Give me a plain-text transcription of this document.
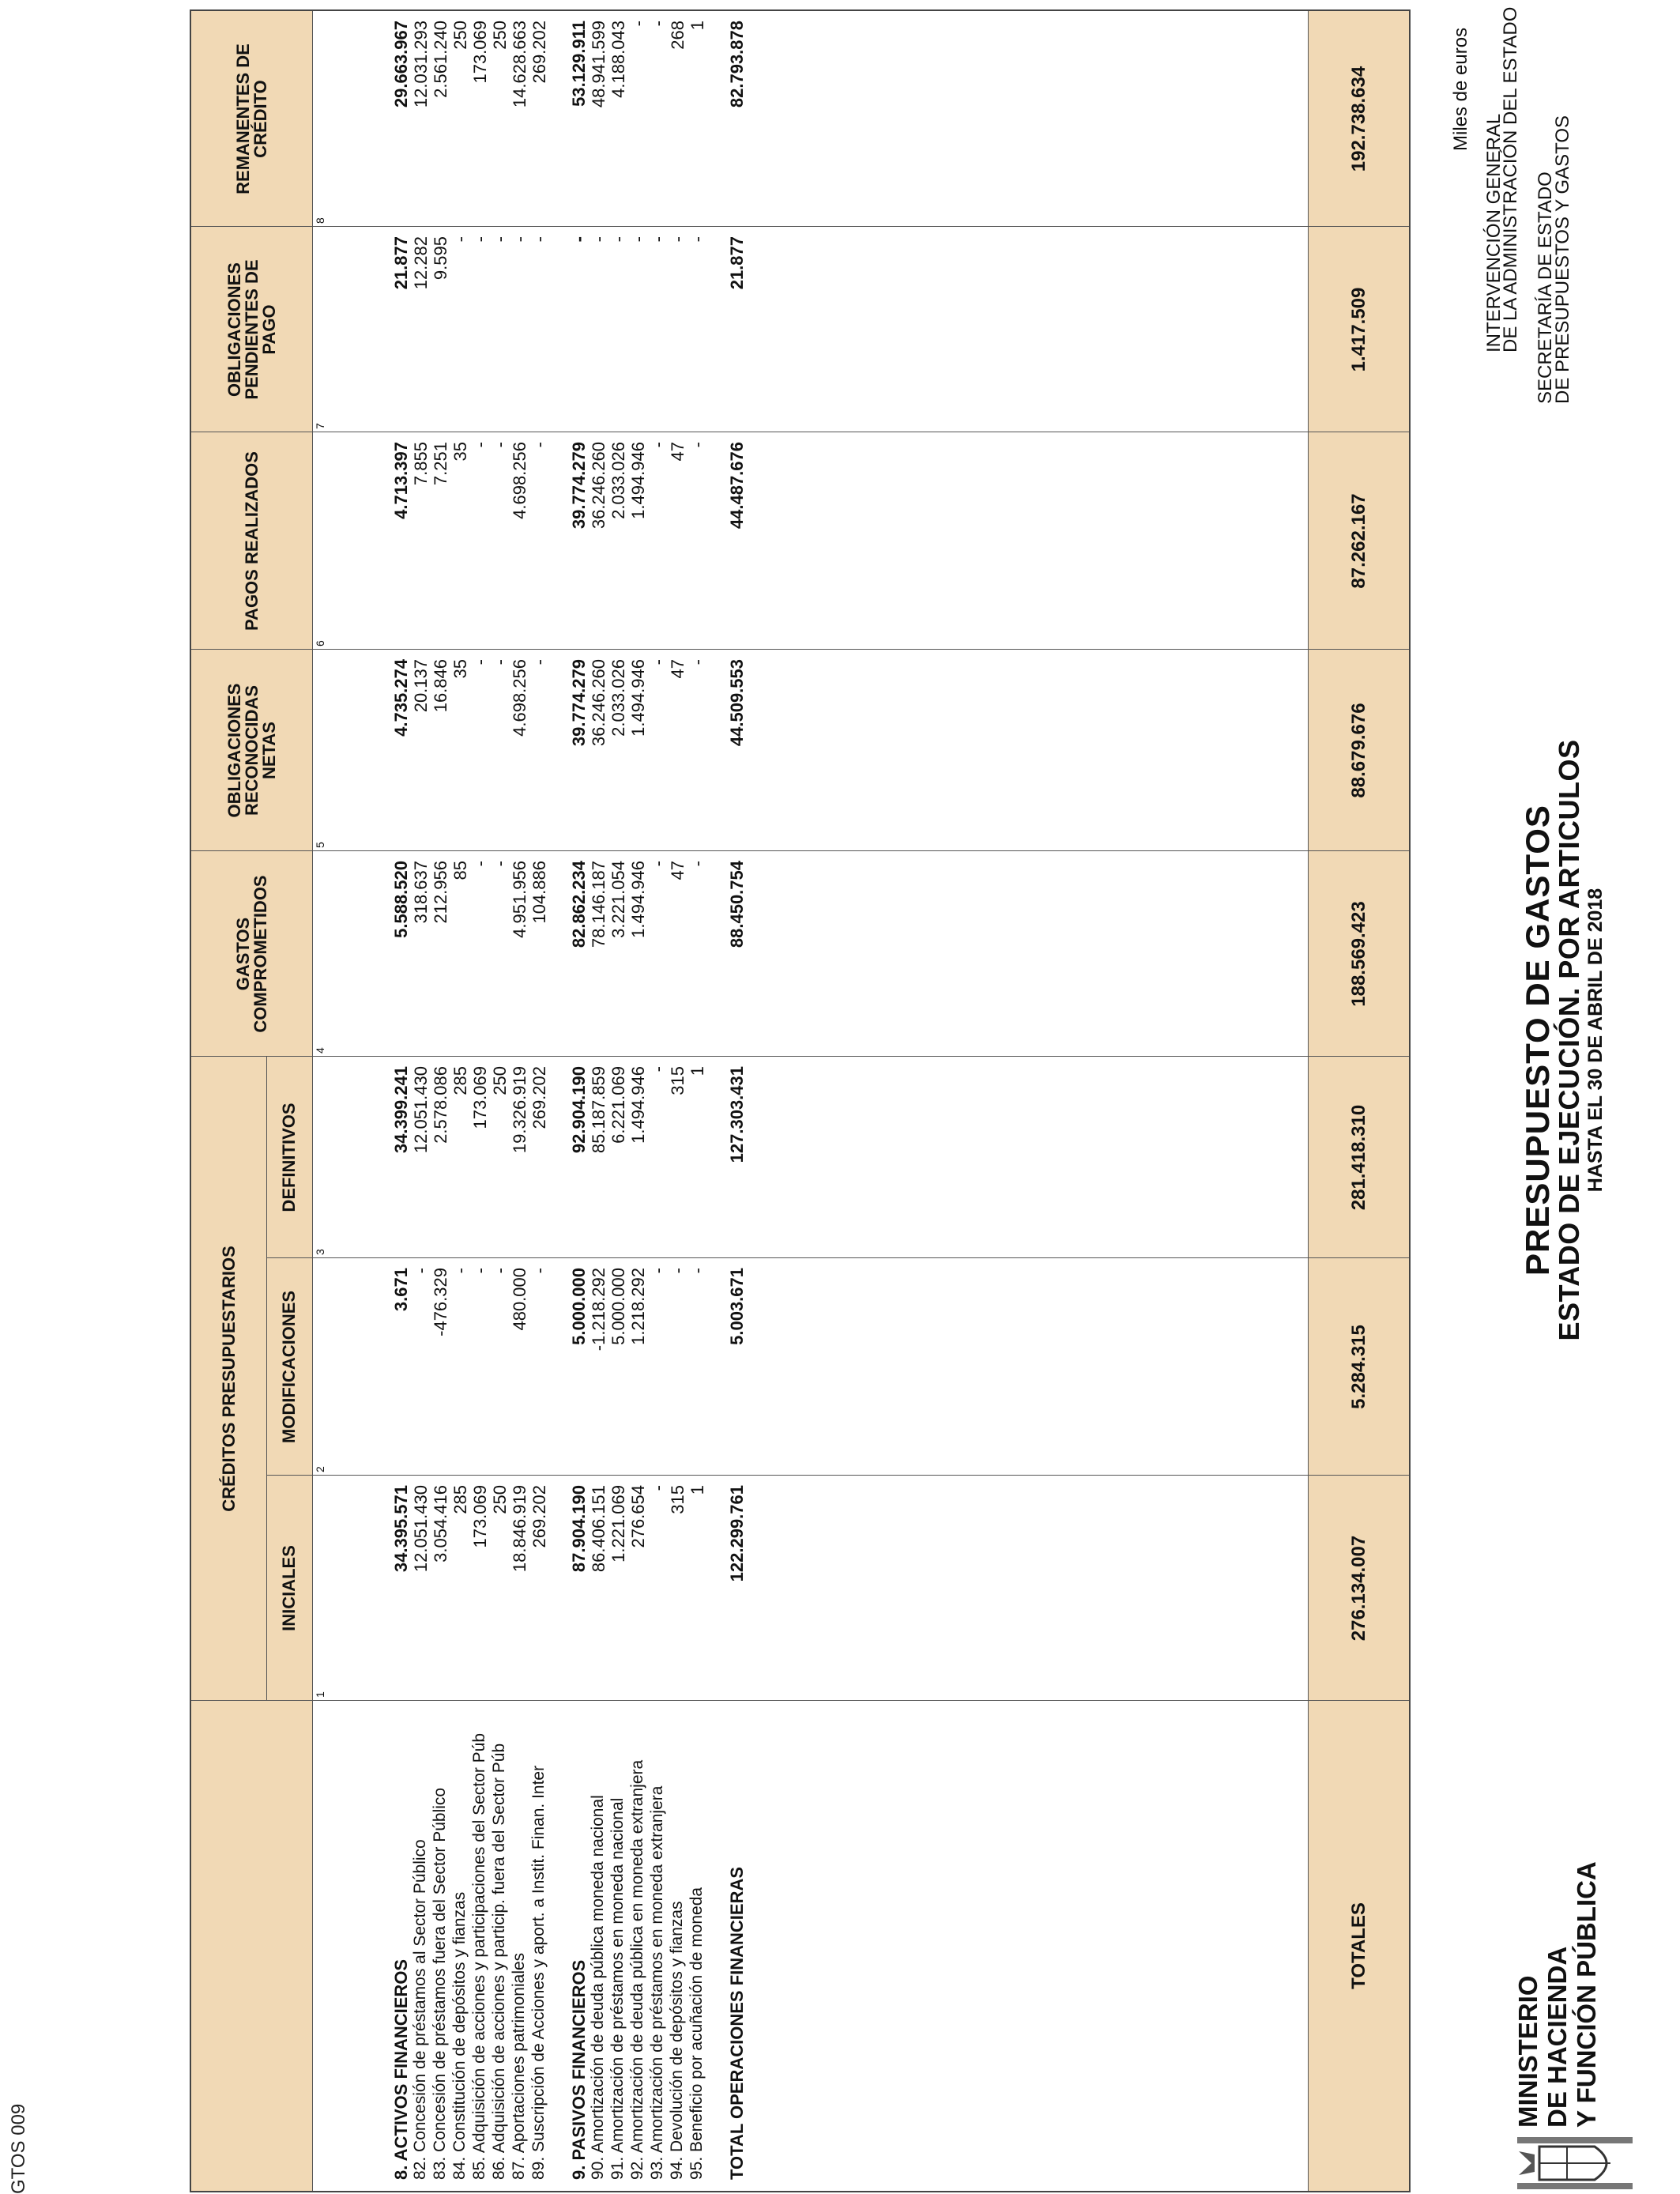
MINISTERIO DE HACIENDA Y FUNCIÓN PÚBLICA
PRESUPUESTO DE GASTOS
ESTADO DE EJECUCIÓN. POR ARTICULOS HASTA EL 30 DE ABRIL DE 2018
SECRETARÍA DE ESTADO
DE PRESUPUESTOS Y GASTOS
INTERVENCIÓN GENERAL
DE LA ADMINISTRACIÓN DEL ESTADO
Miles de euros
GTOS 009
CRÉDITOS PRESUPUESTARIOS
INICIALES
MODIFICACIONES
DEFINITIVOS
GASTOS COMPROMETIDOS
OBLIGACIONES RECONOCIDAS NETAS
PAGOS REALIZADOS
OBLIGACIONES PENDIENTES DE PAGO
REMANENTES DE CRÉDITO
1
2
3
4
5
6
7
8
8. ACTIVOS FINANCIEROS
34.395.571
3.671
34.399.241
5.588.520
4.735.274
4.713.397
21.877
29.663.967
82. Concesión de préstamos al Sector Público
12.051.430
-
12.051.430
318.637
20.137
7.855
12.282
12.031.293
83. Concesión de préstamos fuera del Sector Público
3.054.416
-476.329
2.578.086
212.956
16.846
7.251
9.595
2.561.240
84. Constitución de depósitos y fianzas
285
-
285
85
35
35
-
250
85. Adquisición de acciones y participaciones del Sector Púb
173.069
-
173.069
-
-
-
-
173.069
86. Adquisición de acciones y particip. fuera del Sector Púb
250
-
250
-
-
-
-
250
87. Aportaciones patrimoniales
18.846.919
480.000
19.326.919
4.951.956
4.698.256
4.698.256
-
14.628.663
89. Suscripción de Acciones y aport. a Instit. Finan. Inter
269.202
-
269.202
104.886
-
-
-
269.202
9. PASIVOS FINANCIEROS
87.904.190
5.000.000
92.904.190
82.862.234
39.774.279
39.774.279
-
53.129.911
90. Amortización de deuda pública moneda nacional
86.406.151
-1.218.292
85.187.859
78.146.187
36.246.260
36.246.260
-
48.941.599
91. Amortización de préstamos en moneda nacional
1.221.069
5.000.000
6.221.069
3.221.054
2.033.026
2.033.026
-
4.188.043
92. Amortización de deuda pública en moneda extranjera
276.654
1.218.292
1.494.946
1.494.946
1.494.946
1.494.946
-
-
93. Amortización de préstamos en moneda extranjera
-
-
-
-
-
-
-
-
94. Devolución de depósitos y fianzas
315
-
315
47
47
47
-
268
95. Beneficio por acuñación de moneda
1
-
1
-
-
-
-
1
TOTAL OPERACIONES FINANCIERAS
122.299.761
5.003.671
127.303.431
88.450.754
44.509.553
44.487.676
21.877
82.793.878
TOTALES
276.134.007
5.284.315
281.418.310
188.569.423
88.679.676
87.262.167
1.417.509
192.738.634
